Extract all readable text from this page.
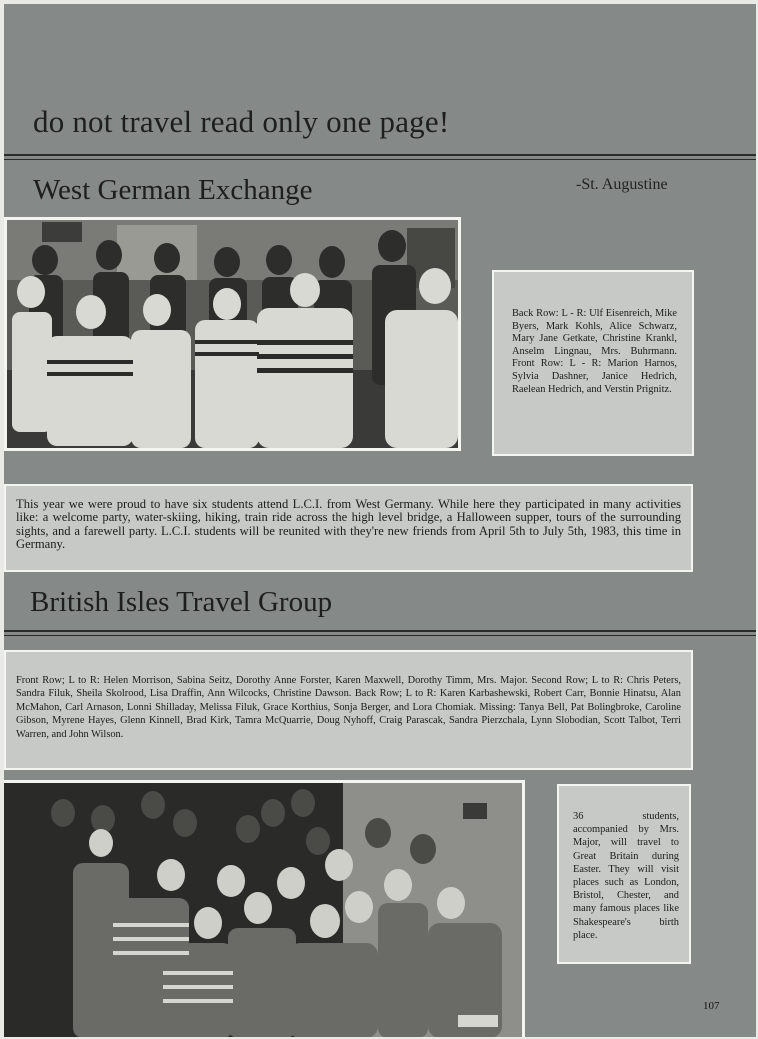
do not travel read only one page!
West German Exchange	-St. Augustine
Back Row: L - R: Ulf Eisenreich, Mike Byers, Mark Kohls, Alice Schwarz, Mary Jane Getkate, Christine Krankl, Anselm Lingnau, Mrs. Buhrmann. Front Row: L - R: Marion Harnos, Sylvia Dashner, Janice Hedrich, Raelean Hedrich, and Verstin Prignitz.
This year we were proud to have six students attend L.C.I. from West Germany. While here they participated in many activities like: a welcome party, water-skiing, hiking, train ride across the high level bridge, a Halloween supper, tours of the surrounding sights, and a farewell party. L.C.I. students will be reunited with they're new friends from April 5th to July 5th, 1983, this time in Germany.
British Isles Travel Group
Front Row; L to R: Helen Morrison, Sabina Seitz, Dorothy Anne Forster, Karen Maxwell, Dorothy Timm, Mrs. Major. Second Row; L to R: Chris Peters, Sandra Filuk, Sheila Skolrood, Lisa Draffin, Ann Wilcocks, Christine Dawson. Back Row; L to R: Karen Karbashewski, Robert Carr, Bonnie Hinatsu, Alan McMahon, Carl Arnason, Lonni Shilladay, Melissa Filuk, Grace Korthius, Sonja Berger, and Lora Chomiak. Missing: Tanya Bell, Pat Bolingbroke, Caroline Gibson, Myrene Hayes, Glenn Kinnell, Brad Kirk, Tamra McQuarrie, Doug Nyhoff, Craig Parascak, Sandra Pierzchala, Lynn Slobodian, Scott Talbot, Terri Warren, and John Wilson.
36 students, accompanied by Mrs. Major, will travel to Great Britain during Easter. They will visit places such as London, Bristol, Chester, and many famous places like Shakespeare's birth place.
107
